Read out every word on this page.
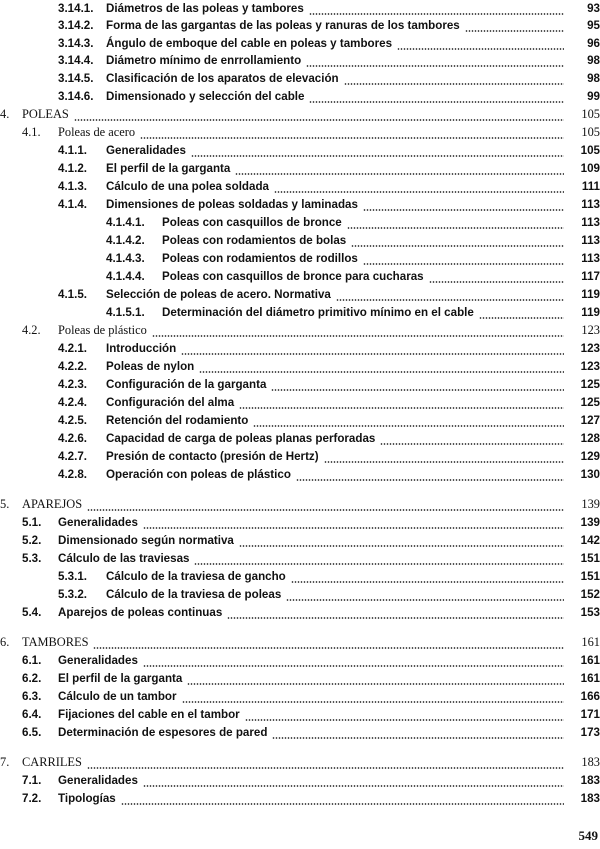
3.14.1. Diámetros de las poleas y tambores	93
3.14.2. Forma de las gargantas de las poleas y ranuras de los tambores	95
3.14.3. Ángulo de emboque del cable en poleas y tambores	96
3.14.4. Diámetro mínimo de enrrollamiento	98
3.14.5. Clasificación de los aparatos de elevación	98
3.14.6. Dimensionado y selección del cable	99
4. POLEAS	105
4.1. Poleas de acero	105
4.1.1. Generalidades	105
4.1.2. El perfil de la garganta	109
4.1.3. Cálculo de una polea soldada	111
4.1.4. Dimensiones de poleas soldadas y laminadas	113
4.1.4.1. Poleas con casquillos de bronce	113
4.1.4.2. Poleas con rodamientos de bolas	113
4.1.4.3. Poleas con rodamientos de rodillos	113
4.1.4.4. Poleas con casquillos de bronce para cucharas	117
4.1.5. Selección de poleas de acero. Normativa	119
4.1.5.1. Determinación del diámetro primitivo mínimo en el cable	119
4.2. Poleas de plástico	123
4.2.1. Introducción	123
4.2.2. Poleas de nylon	123
4.2.3. Configuración de la garganta	125
4.2.4. Configuración del alma	125
4.2.5. Retención del rodamiento	127
4.2.6. Capacidad de carga de poleas planas perforadas	128
4.2.7. Presión de contacto (presión de Hertz)	129
4.2.8. Operación con poleas de plástico	130
5. APAREJOS	139
5.1. Generalidades	139
5.2. Dimensionado según normativa	142
5.3. Cálculo de las traviesas	151
5.3.1. Cálculo de la traviesa de gancho	151
5.3.2. Cálculo de la traviesa de poleas	152
5.4. Aparejos de poleas continuas	153
6. TAMBORES	161
6.1. Generalidades	161
6.2. El perfil de la garganta	161
6.3. Cálculo de un tambor	166
6.4. Fijaciones del cable en el tambor	171
6.5. Determinación de espesores de pared	173
7. CARRILES	183
7.1. Generalidades	183
7.2. Tipologías	183
549
